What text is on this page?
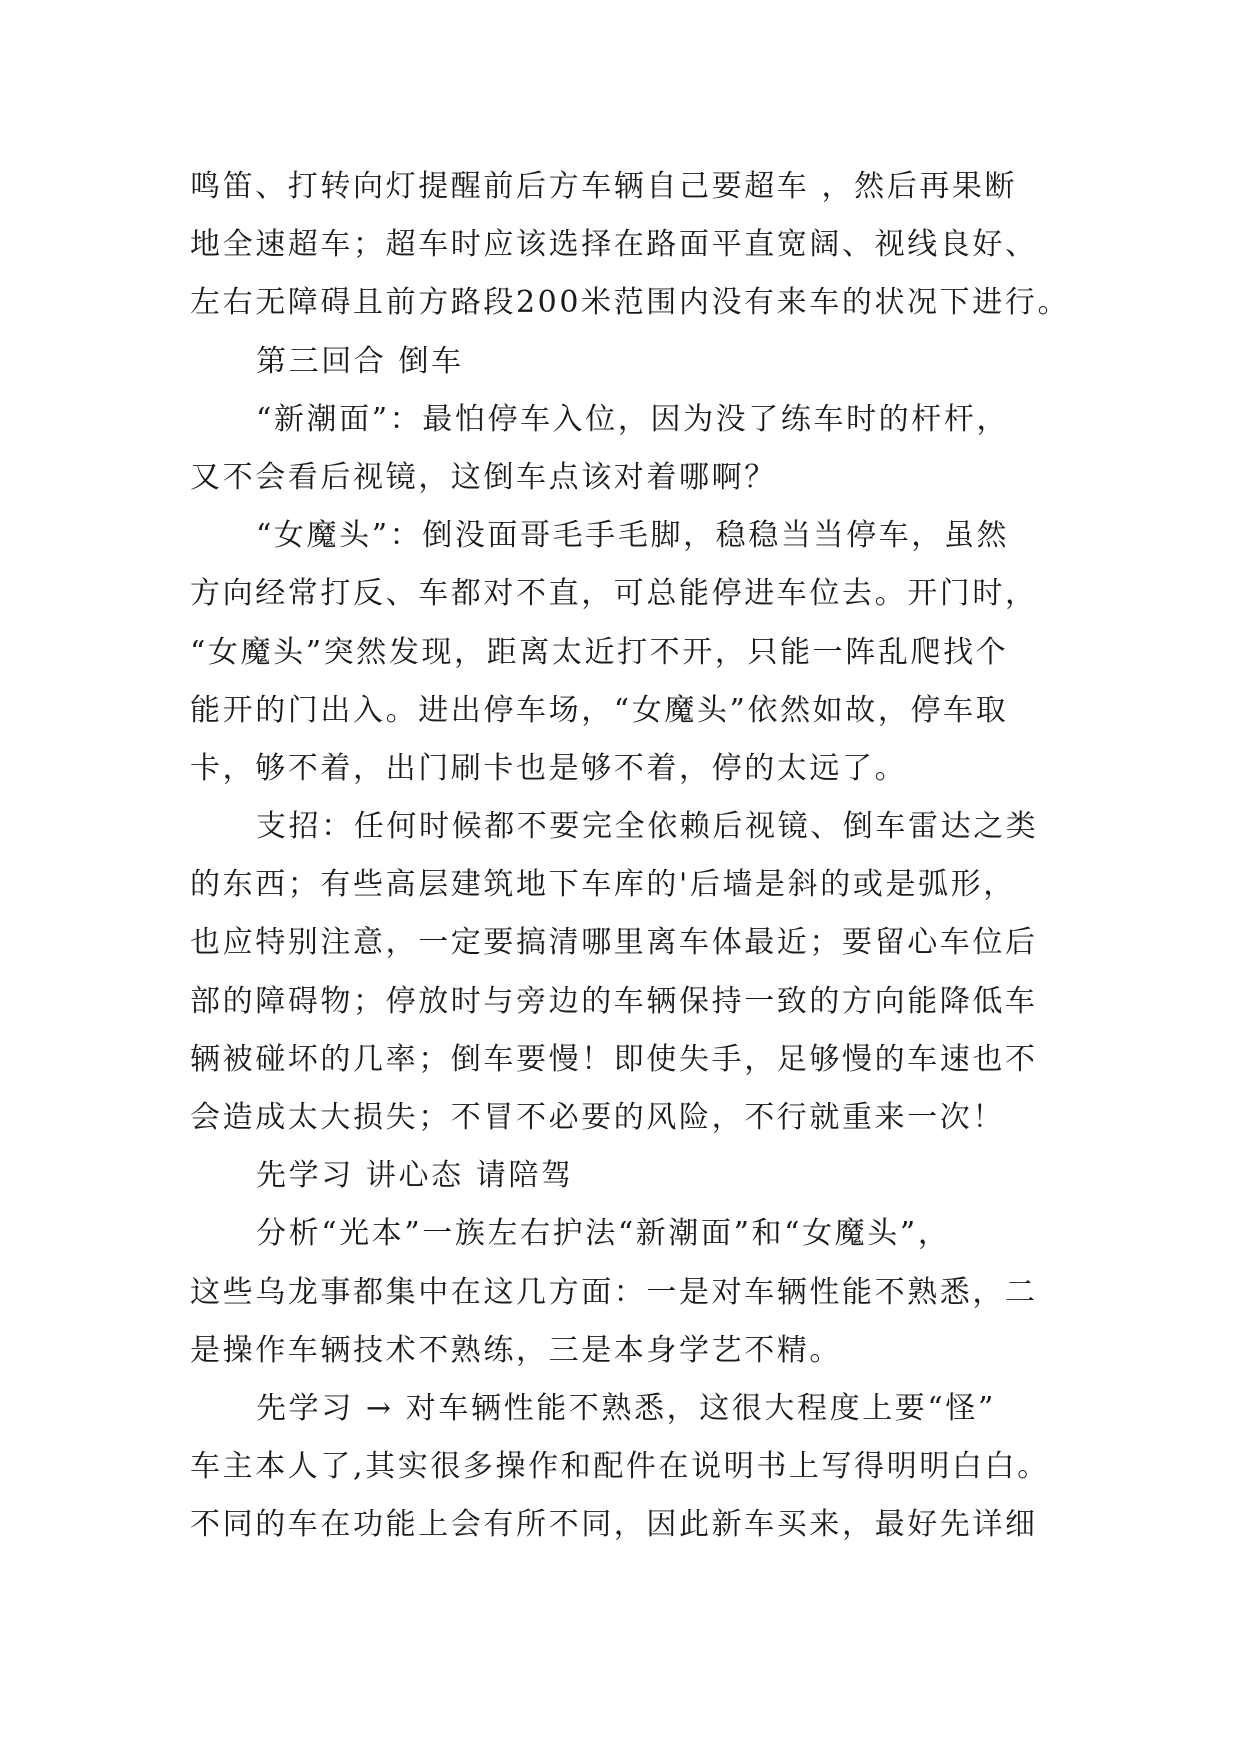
鸣笛、打转向灯提醒前后方车辆自己要超车 ，然后再果断
地全速超车；超车时应该选择在路面平直宽阔、视线良好、
左右无障碍且前方路段200米范围内没有来车的状况下进行。
第三回合 倒车
“新潮面”：最怕停车入位，因为没了练车时的杆杆，
又不会看后视镜，这倒车点该对着哪啊？
“女魔头”：倒没面哥毛手毛脚，稳稳当当停车，虽然
方向经常打反、车都对不直，可总能停进车位去。开门时，
“女魔头”突然发现，距离太近打不开，只能一阵乱爬找个
能开的门出入。进出停车场，“女魔头”依然如故，停车取
卡，够不着，出门刷卡也是够不着，停的太远了。
支招：任何时候都不要完全依赖后视镜、倒车雷达之类
的东西；有些高层建筑地下车库的'后墙是斜的或是弧形，
也应特别注意，一定要搞清哪里离车体最近；要留心车位后
部的障碍物；停放时与旁边的车辆保持一致的方向能降低车
辆被碰坏的几率；倒车要慢！即使失手，足够慢的车速也不
会造成太大损失；不冒不必要的风险，不行就重来一次！
先学习 讲心态 请陪驾
分析“光本”一族左右护法“新潮面”和“女魔头”，
这些乌龙事都集中在这几方面：一是对车辆性能不熟悉，二
是操作车辆技术不熟练，三是本身学艺不精。
先学习 → 对车辆性能不熟悉，这很大程度上要“怪”
车主本人了,其实很多操作和配件在说明书上写得明明白白。
不同的车在功能上会有所不同，因此新车买来，最好先详细
